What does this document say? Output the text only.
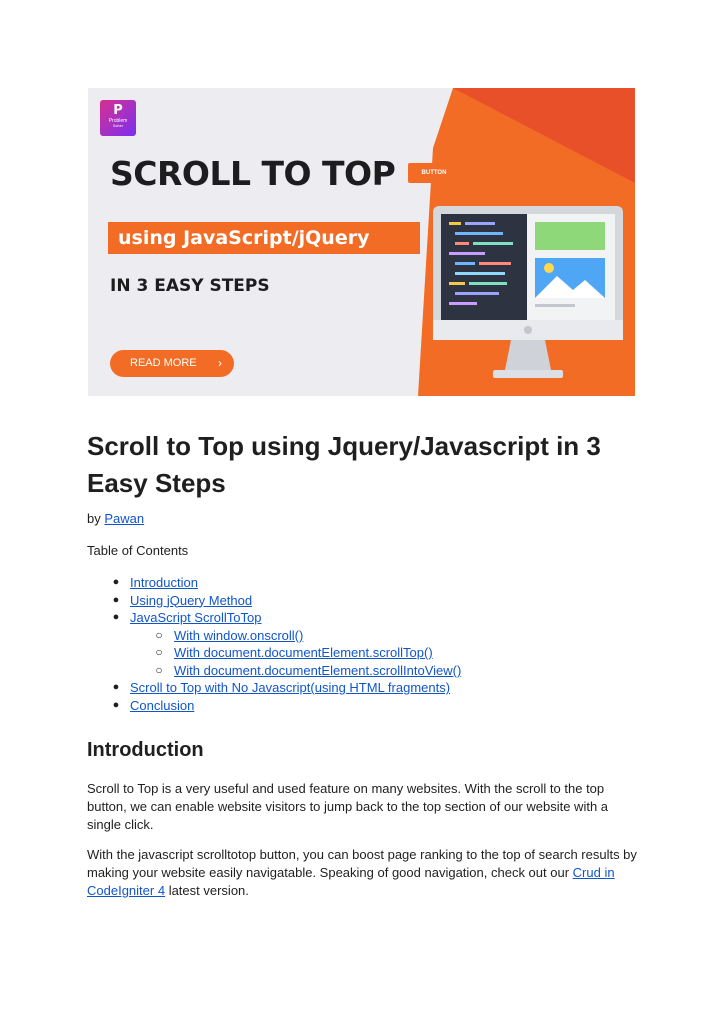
P
Problem
Solver
SCROLL TO TOP	BUTTON
using JavaScript/jQuery
IN 3 EASY STEPS
READ MORE ›
Scroll to Top using Jquery/Javascript in 3 Easy Steps
by Pawan
Table of Contents
● Introduction
● Using jQuery Method
● JavaScript ScrollToTop
○ With window.onscroll()
○ With document.documentElement.scrollTop()
○ With document.documentElement.scrollIntoView()
● Scroll to Top with No Javascript(using HTML fragments)
● Conclusion
Introduction

Scroll to Top is a very useful and used feature on many websites. With the scroll to the top button, we can enable website visitors to jump back to the top section of our website with a single click.

With the javascript scrolltotop button, you can boost page ranking to the top of search results by making your website easily navigatable. Speaking of good navigation, check out our Crud in CodeIgniter 4 latest version.
